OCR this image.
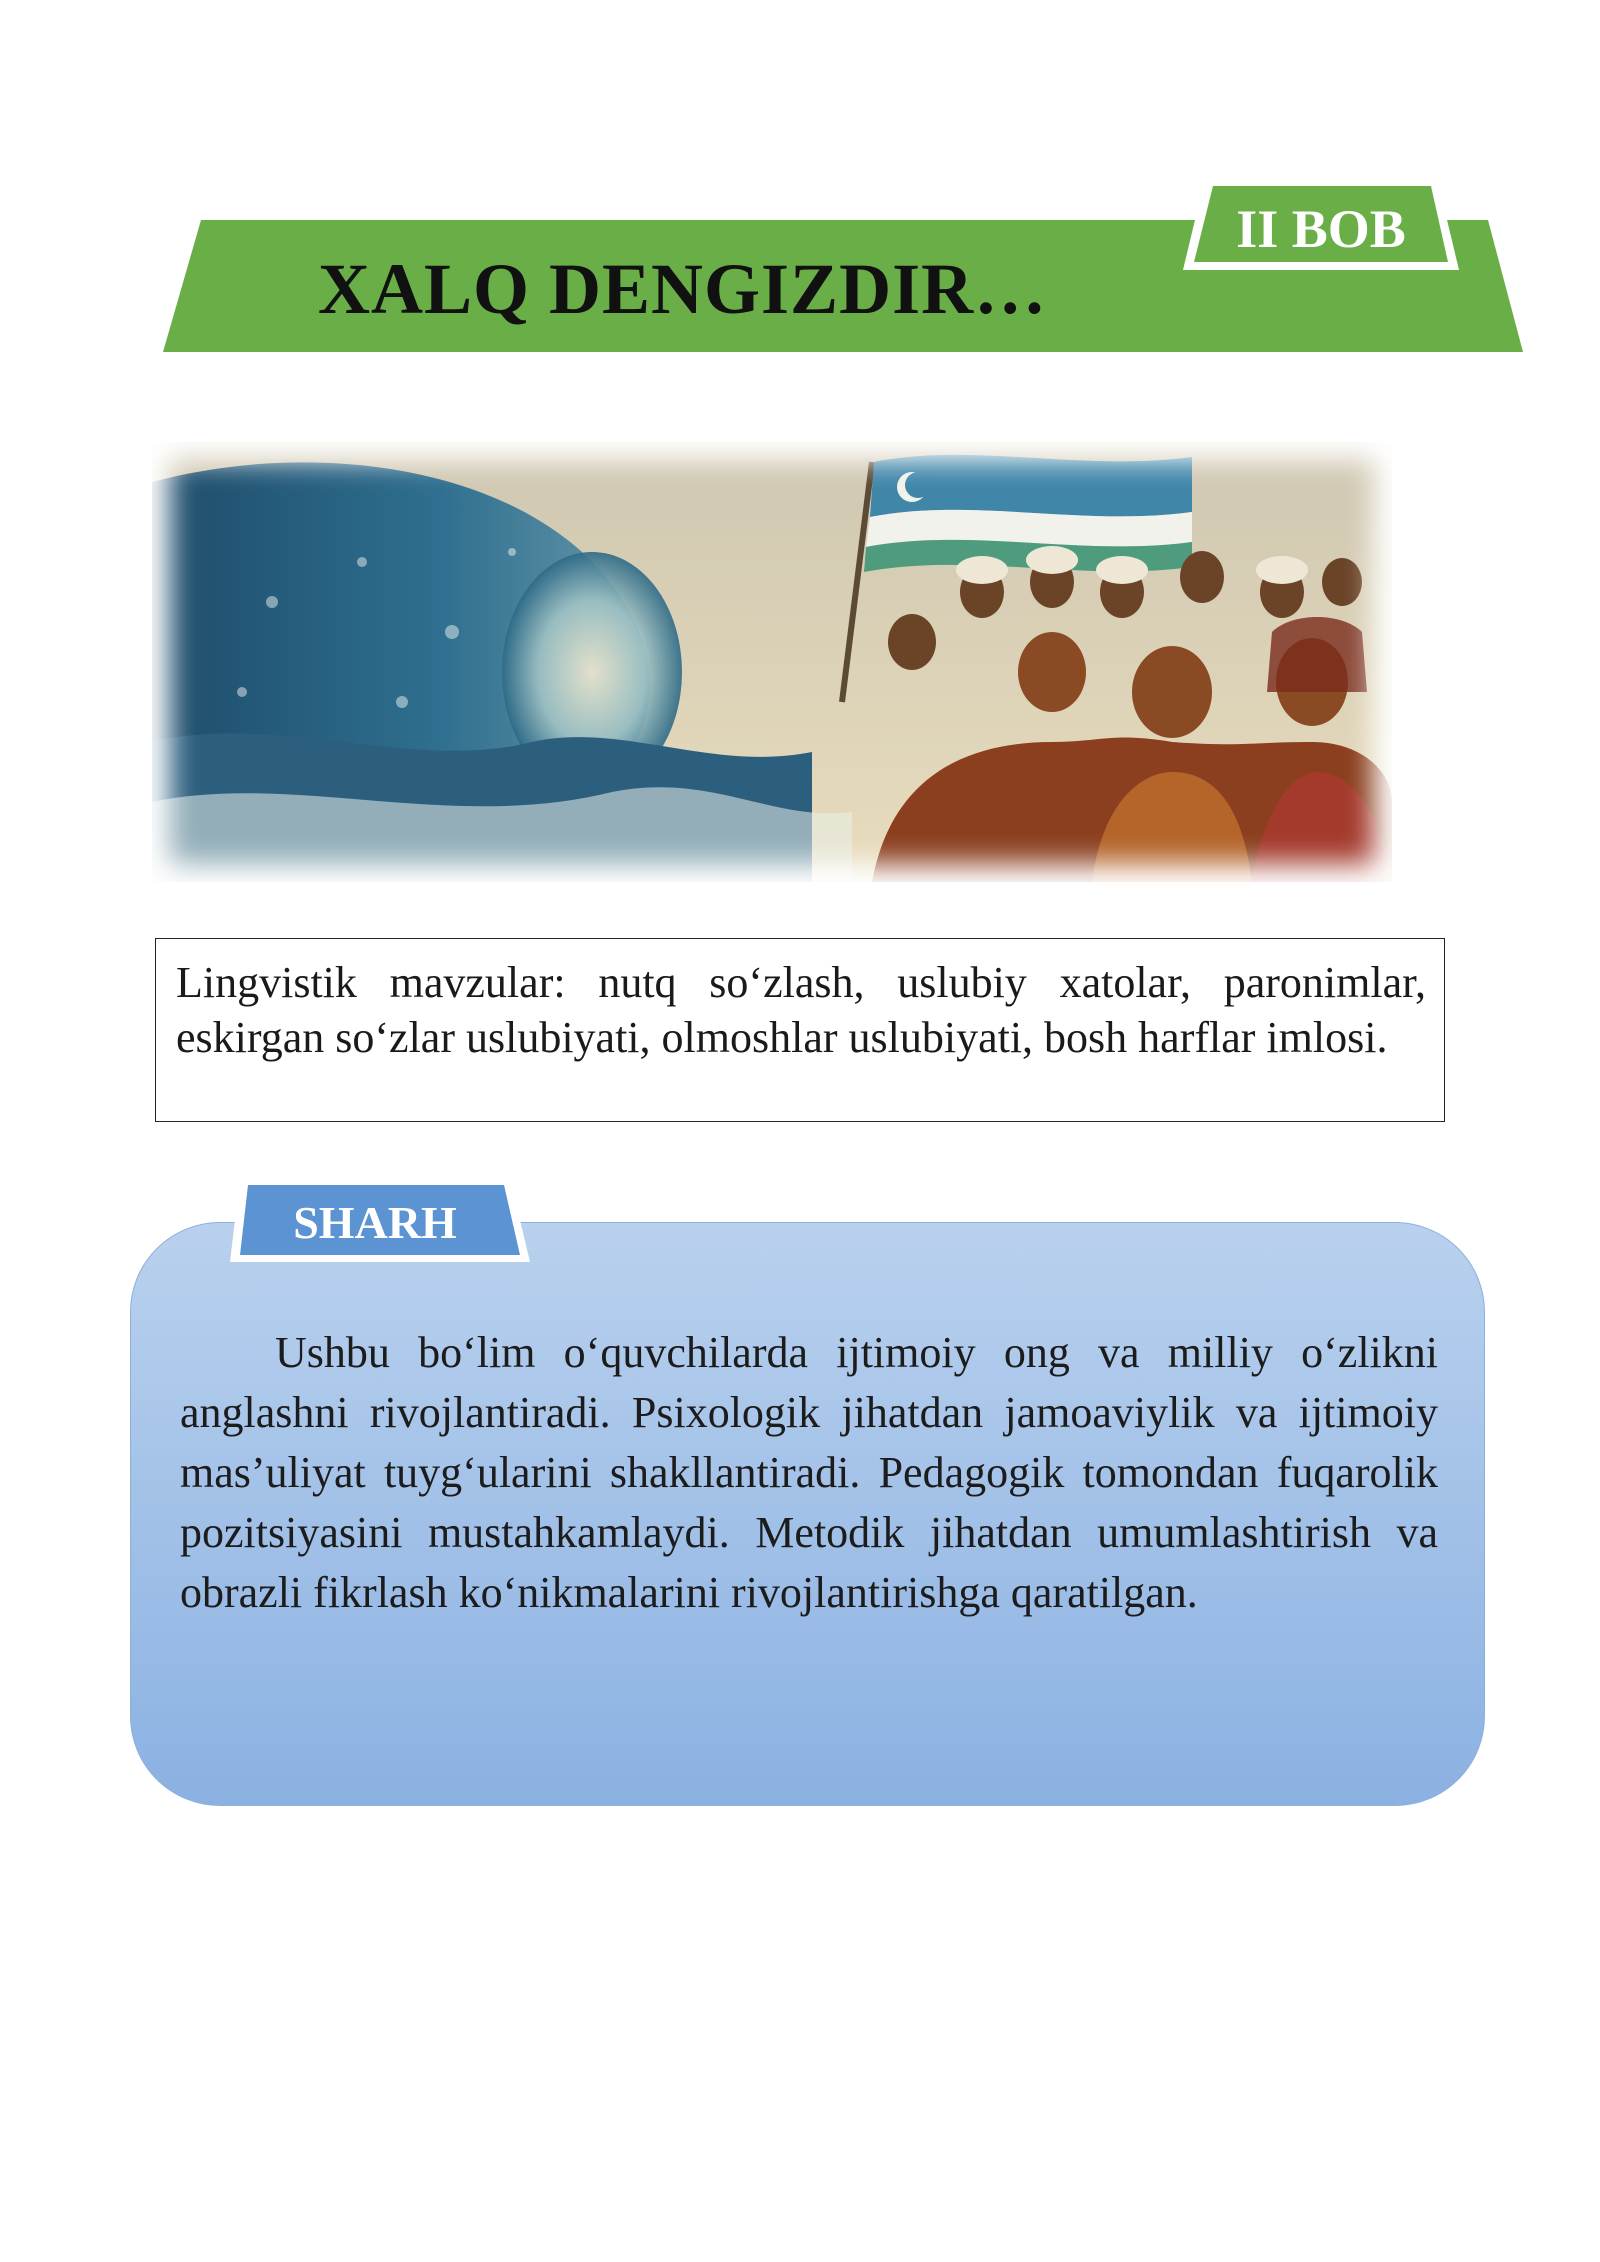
XALQ DENGIZDIR…
II BOB
Lingvistik mavzular: nutq so‘zlash, uslubiy xatolar, paronimlar, eskirgan so‘zlar uslubiyati, olmoshlar uslubiyati, bosh harflar imlosi.
Ushbu bo‘lim o‘quvchilarda ijtimoiy ong va milliy o‘zlikni anglashni rivojlantiradi. Psixologik jihatdan jamoaviylik va ijtimoiy mas’uliyat tuyg‘ularini shakllantiradi. Pedagogik tomondan fuqarolik pozitsiyasini mustahkamlaydi. Metodik jihatdan umumlashtirish va obrazli fikrlash ko‘nikmalarini rivojlantirishga qaratilgan.
SHARH
